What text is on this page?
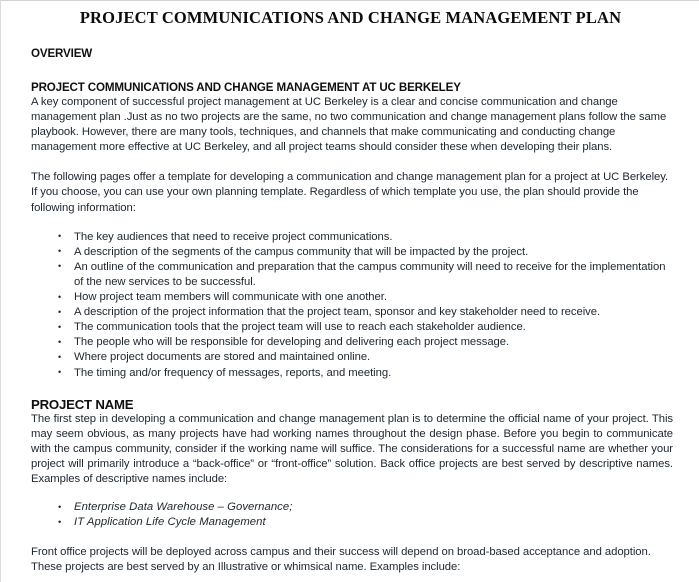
PROJECT COMMUNICATIONS AND CHANGE MANAGEMENT PLAN
OVERVIEW
PROJECT COMMUNICATIONS AND CHANGE MANAGEMENT AT UC BERKELEY

A key component of successful project management at UC Berkeley is a clear and concise communication and change management plan .Just as no two projects are the same, no two communication and change management plans follow the same playbook. However, there are many tools, techniques, and channels that make communicating and conducting change management more effective at UC Berkeley, and all project teams should consider these when developing their plans.

The following pages offer a template for developing a communication and change management plan for a project at UC Berkeley. If you choose, you can use your own planning template. Regardless of which template you use, the plan should provide the following information:

• The key audiences that need to receive project communications.
• A description of the segments of the campus community that will be impacted by the project.
• An outline of the communication and preparation that the campus community will need to receive for the implementation of the new services to be successful.
• How project team members will communicate with one another.
• A description of the project information that the project team, sponsor and key stakeholder need to receive.
• The communication tools that the project team will use to reach each stakeholder audience.
• The people who will be responsible for developing and delivering each project message.
• Where project documents are stored and maintained online.
• The timing and/or frequency of messages, reports, and meeting.
PROJECT NAME

The first step in developing a communication and change management plan is to determine the official name of your project. This may seem obvious, as many projects have had working names throughout the design phase. Before you begin to communicate with the campus community, consider if the working name will suffice. The considerations for a successful name are whether your project will primarily introduce a “back-office” or “front-office” solution. Back office projects are best served by descriptive names. Examples of descriptive names include:

• Enterprise Data Warehouse – Governance;
• IT Application Life Cycle Management

Front office projects will be deployed across campus and their success will depend on broad-based acceptance and adoption. These projects are best served by an Illustrative or whimsical name. Examples include:
